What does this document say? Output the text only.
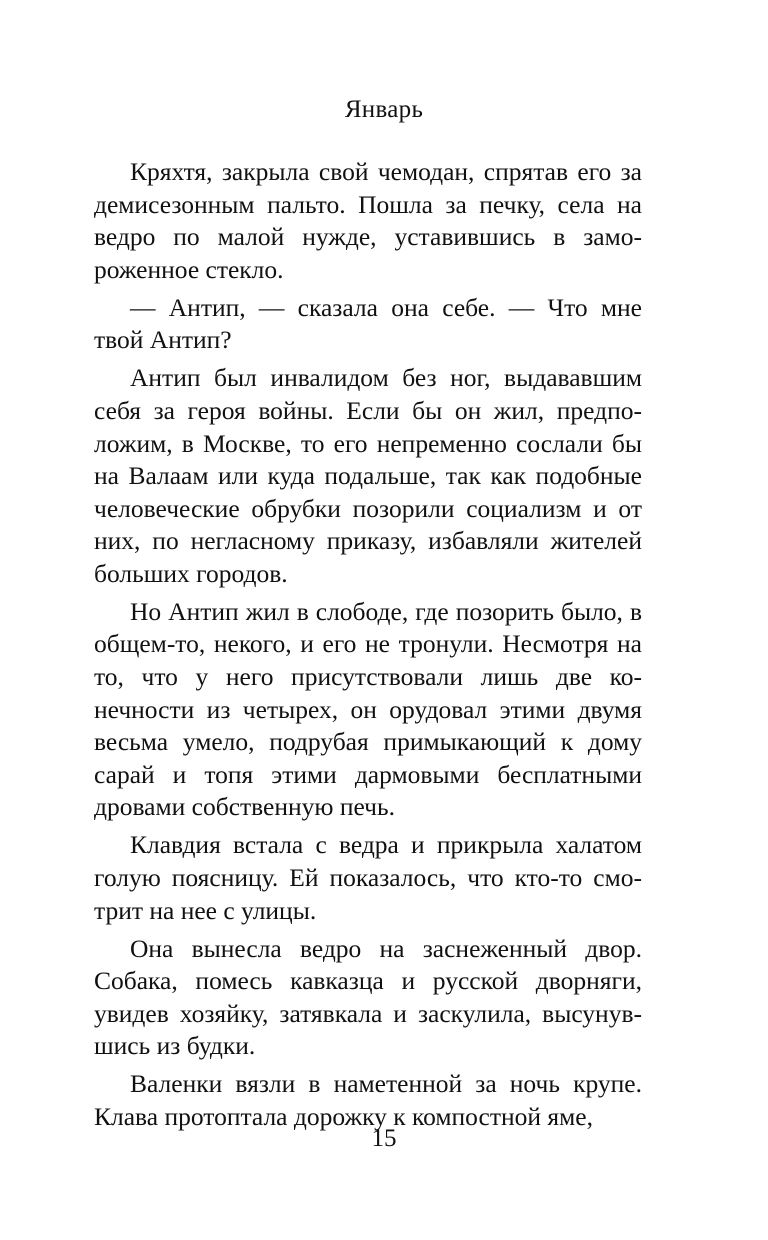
Январь

Кряхтя, закрыла свой чемодан, спрятав его за демисезонным пальто. Пошла за печку, села на ведро по малой нужде, уставившись в замороженное стекло.

— Антип, — сказала она себе. — Что мне твой Антип?

Антип был инвалидом без ног, выдававшим себя за героя войны. Если бы он жил, предположим, в Москве, то его непременно сослали бы на Валаам или куда подальше, так как подобные человеческие обрубки позорили социализм и от них, по негласному приказу, избавляли жителей больших городов.

Но Антип жил в слободе, где позорить было, в общем-то, некого, и его не тронули. Несмотря на то, что у него присутствовали лишь две конечности из четырех, он орудовал этими двумя весьма умело, подрубая примыкающий к дому сарай и топя этими дармовыми бесплатными дровами собственную печь.

Клавдия встала с ведра и прикрыла халатом голую поясницу. Ей показалось, что кто-то смотрит на нее с улицы.

Она вынесла ведро на заснеженный двор. Собака, помесь кавказца и русской дворняги, увидев хозяйку, затявкала и заскулила, высунувшись из будки.

Валенки вязли в наметенной за ночь крупе. Клава протоптала дорожку к компостной яме,

15
